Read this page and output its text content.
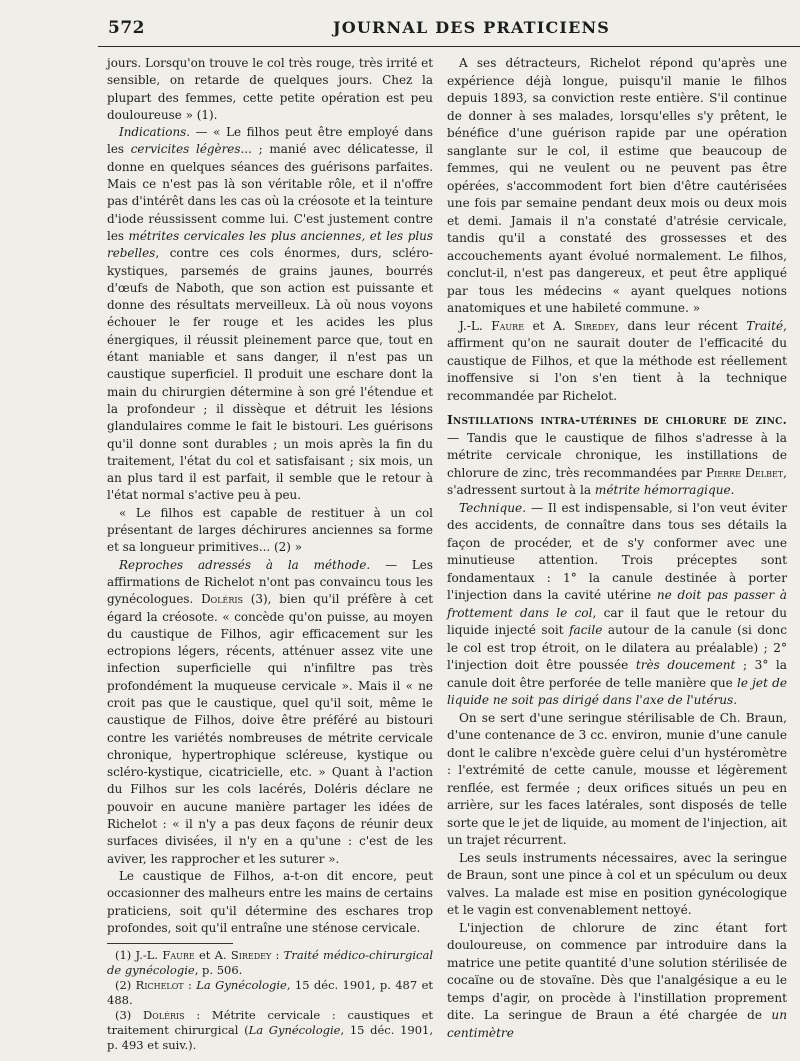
572	JOURNAL DES PRATICIENS

jours. Lorsqu'on trouve le col très rouge, très irrité et sensible, on retarde de quelques jours. Chez la plupart des femmes, cette petite opération est peu douloureuse » (1).

Indications. — « Le filhos peut être employé dans les cervicites légères... ; manié avec délicatesse, il donne en quelques séances des guérisons parfaites. Mais ce n'est pas là son véritable rôle, et il n'offre pas d'intérêt dans les cas où la créosote et la teinture d'iode réussissent comme lui. C'est justement contre les métrites cervicales les plus anciennes, et les plus rebelles, contre ces cols énormes, durs, scléro-kystiques, parsemés de grains jaunes, bourrés d'œufs de Naboth, que son action est puissante et donne des résultats merveilleux. Là où nous voyons échouer le fer rouge et les acides les plus énergiques, il réussit pleinement parce que, tout en étant maniable et sans danger, il n'est pas un caustique superficiel. Il produit une eschare dont la main du chirurgien détermine à son gré l'étendue et la profondeur ; il dissèque et détruit les lésions glandulaires comme le fait le bistouri. Les guérisons qu'il donne sont durables ; un mois après la fin du traitement, l'état du col et satisfaisant ; six mois, un an plus tard il est parfait, il semble que le retour à l'état normal s'active peu à peu.

« Le filhos est capable de restituer à un col présentant de larges déchirures anciennes sa forme et sa longueur primitives... (2) »

Reproches adressés à la méthode. — Les affirmations de Richelot n'ont pas convaincu tous les gynécologues. Doléris (3), bien qu'il préfère à cet égard la créosote. « concède qu'on puisse, au moyen du caustique de Filhos, agir efficacement sur les ectropions légers, récents, atténuer assez vite une infection superficielle qui n'infiltre pas très profondément la muqueuse cervicale ». Mais il « ne croit pas que le caustique, quel qu'il soit, même le caustique de Filhos, doive être préféré au bistouri contre les variétés nombreuses de métrite cervicale chronique, hypertrophique scléreuse, kystique ou scléro-kystique, cicatricielle, etc. » Quant à l'action du Filhos sur les cols lacérés, Doléris déclare ne pouvoir en aucune manière partager les idées de Richelot : « il n'y a pas deux façons de réunir deux surfaces divisées, il n'y en a qu'une : c'est de les aviver, les rapprocher et les suturer ».

Le caustique de Filhos, a-t-on dit encore, peut occasionner des malheurs entre les mains de certains praticiens, soit qu'il détermine des eschares trop profondes, soit qu'il entraîne une sténose cervicale.

(1) J.-L. Faure et A. Siredey : Traité médico-chirurgical de gynécologie, p. 506.

(2) Richelot : La Gynécologie, 15 déc. 1901, p. 487 et 488.

(3) Doléris : Métrite cervicale : caustiques et traitement chirurgical (La Gynécologie, 15 déc. 1901, p. 493 et suiv.).

A ses détracteurs, Richelot répond qu'après une expérience déjà longue, puisqu'il manie le filhos depuis 1893, sa conviction reste entière. S'il continue de donner à ses malades, lorsqu'elles s'y prêtent, le bénéfice d'une guérison rapide par une opération sanglante sur le col, il estime que beaucoup de femmes, qui ne veulent ou ne peuvent pas être opérées, s'accommodent fort bien d'être cautérisées une fois par semaine pendant deux mois ou deux mois et demi. Jamais il n'a constaté d'atrésie cervicale, tandis qu'il a constaté des grossesses et des accouchements ayant évolué normalement. Le filhos, conclut-il, n'est pas dangereux, et peut être appliqué par tous les médecins « ayant quelques notions anatomiques et une habileté commune. »

J.-L. Faure et A. Siredey, dans leur récent Traité, affirment qu'on ne saurait douter de l'efficacité du caustique de Filhos, et que la méthode est réellement inoffensive si l'on s'en tient à la technique recommandée par Richelot.

Instillations intra-utérines de chlorure de zinc. — Tandis que le caustique de filhos s'adresse à la métrite cervicale chronique, les instillations de chlorure de zinc, très recommandées par Pierre Delbet, s'adressent surtout à la métrite hémorragique.

Technique. — Il est indispensable, si l'on veut éviter des accidents, de connaître dans tous ses détails la façon de procéder, et de s'y conformer avec une minutieuse attention. Trois préceptes sont fondamentaux : 1° la canule destinée à porter l'injection dans la cavité utérine ne doit pas passer à frottement dans le col, car il faut que le retour du liquide injecté soit facile autour de la canule (si donc le col est trop étroit, on le dilatera au préalable) ; 2° l'injection doit être poussée très doucement ; 3° la canule doit être perforée de telle manière que le jet de liquide ne soit pas dirigé dans l'axe de l'utérus.

On se sert d'une seringue stérilisable de Ch. Braun, d'une contenance de 3 cc. environ, munie d'une canule dont le calibre n'excède guère celui d'un hystéromètre : l'extrémité de cette canule, mousse et légèrement renflée, est fermée ; deux orifices situés un peu en arrière, sur les faces latérales, sont disposés de telle sorte que le jet de liquide, au moment de l'injection, ait un trajet récurrent.

Les seuls instruments nécessaires, avec la seringue de Braun, sont une pince à col et un spéculum ou deux valves. La malade est mise en position gynécologique et le vagin est convenablement nettoyé.

L'injection de chlorure de zinc étant fort douloureuse, on commence par introduire dans la matrice une petite quantité d'une solution stérilisée de cocaïne ou de stovaïne. Dès que l'analgésique a eu le temps d'agir, on procède à l'instillation proprement dite. La seringue de Braun a été chargée de un centimètre
